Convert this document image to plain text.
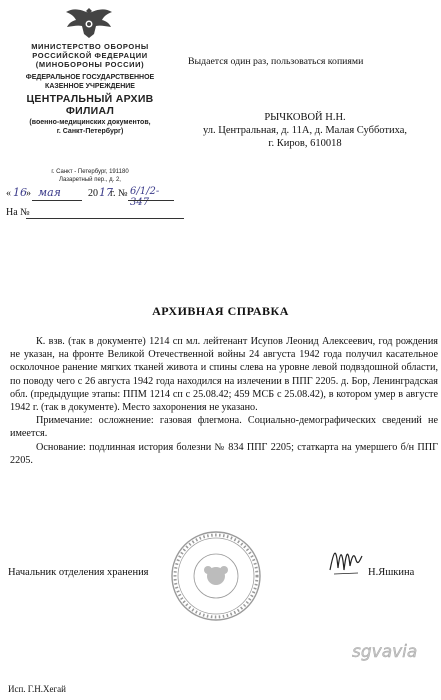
МИНИСТЕРСТВО ОБОРОНЫ
РОССИЙСКОЙ ФЕДЕРАЦИИ
(МИНОБОРОНЫ РОССИИ)
ФЕДЕРАЛЬНОЕ ГОСУДАРСТВЕННОЕ
КАЗЕННОЕ УЧРЕЖДЕНИЕ
ЦЕНТРАЛЬНЫЙ АРХИВ
ФИЛИАЛ
(военно-медицинских документов,
г. Санкт-Петербург)
г. Санкт - Петербург, 191180
Лазаретный пер., д. 2,
« 16 » мая	20 17
г. № 6/1/2-347
На №
Выдается один раз, пользоваться копиями
РЫЧКОВОЙ Н.Н.
ул. Центральная, д. 11А, д. Малая Субботиха,
г. Киров, 610018
АРХИВНАЯ СПРАВКА

К. взв. (так в документе) 1214 сп мл. лейтенант Исупов Леонид Алексеевич, год рождения не указан, на фронте Великой Отечественной войны 24 августа 1942 года получил касательное осколочное ранение мягких тканей живота и спины слева на уровне левой подвздошной области, по поводу чего с 26 августа 1942 года находился на излечении в ППГ 2205. д. Бор, Ленинградская обл. (предыдущие этапы: ППМ 1214 сп с 25.08.42; 459 МСБ с 25.08.42), в котором умер в августе 1942 г. (так в документе). Место захоронения не указано.

Примечание: осложнение: газовая флегмона. Социально-демографических сведений не имеется.

Основание: подлинная история болезни № 834 ППГ 2205; статкарта на умершего б/н ППГ 2205.

Начальник отделения хранения	Н.Яшкина
sgvavia
Исп. Г.Н.Хегай
